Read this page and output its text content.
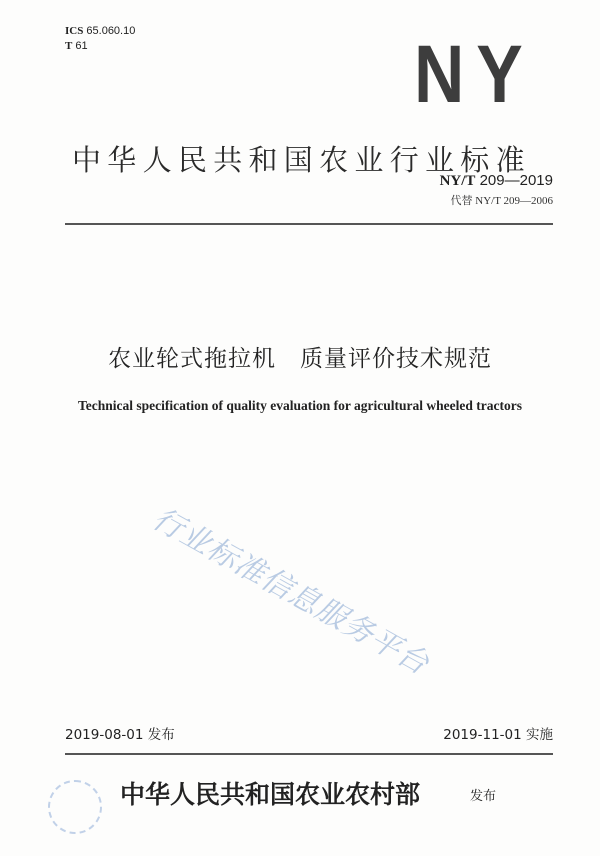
ICS 65.060.10
T 61	NY
中华人民共和国农业行业标准
NY/T 209—2019
代替 NY/T 209—2006
农业轮式拖拉机　质量评价技术规范
Technical specification of quality evaluation for agricultural wheeled tractors
行业标准信息服务平台
2019-08-01 发布	2019-11-01 实施
中华人民共和国农业农村部	发布
